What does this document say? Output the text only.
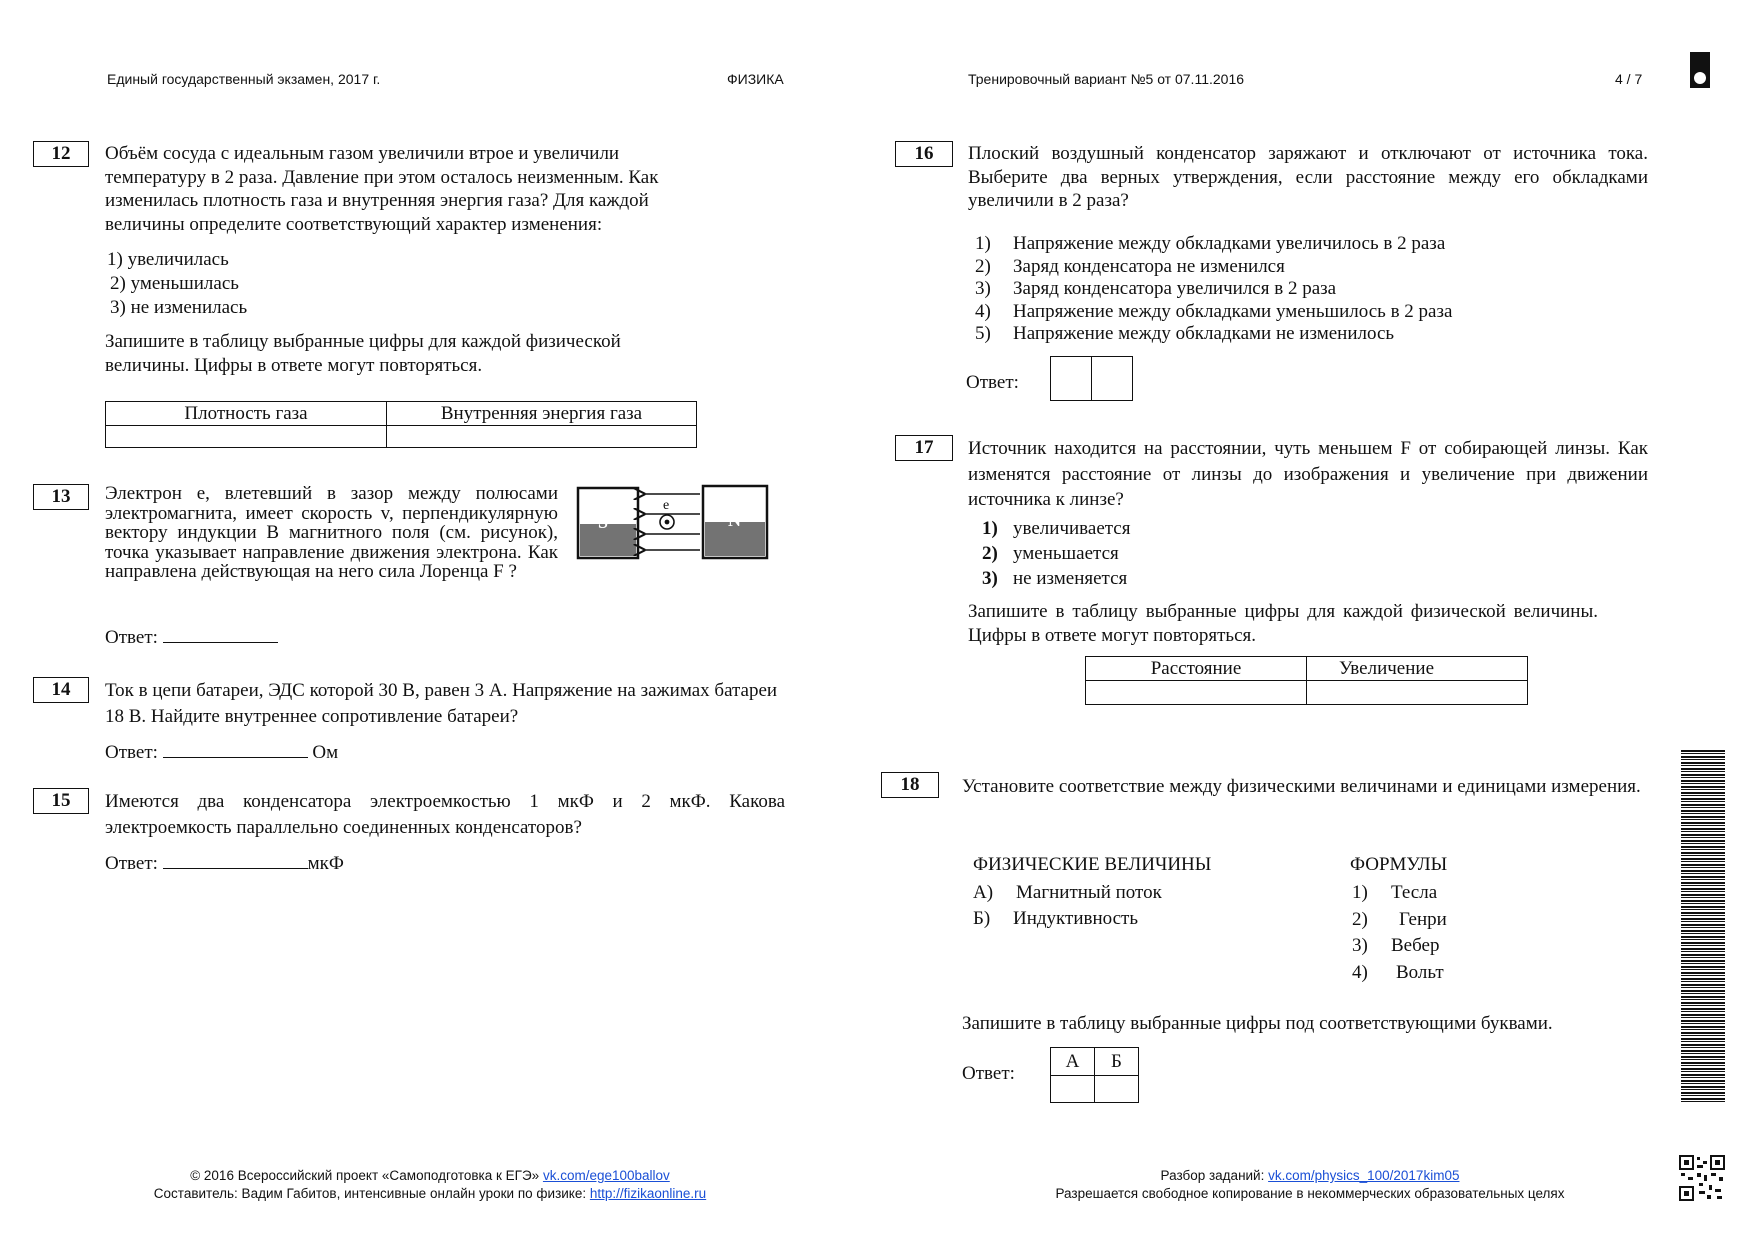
Единый государственный экзамен, 2017 г.	ФИЗИКА	Тренировочный вариант №5 от 07.11.2016	4 / 7
12	Объём сосуда с идеальным газом увеличили втрое и увеличили температуру в 2 раза. Давление при этом осталось неизменным. Как изменилась плотность газа и внутренняя энергия газа? Для каждой величины определите соответствующий характер изменения:
1) увеличилась
2) уменьшилась
3) не изменилась
Запишите в таблицу выбранные цифры для каждой физической величины. Цифры в ответе могут повторяться.
Плотность газа	Внутренняя энергия газа

13	Электрон е, влетевший в зазор между полюсами электромагнита, имеет скорость v, перпендикулярную вектору индукции В магнитного поля (см. рисунок), точка указывает направление движения электрона. Как направлена действующая на него сила Лоренца F ?
S	N
е
Ответ:
14	Ток в цепи батареи, ЭДС которой 30 В, равен 3 А. Напряжение на зажимах батареи 18 В. Найдите внутреннее сопротивление батареи?
Ответ:	Ом
15	Имеются два конденсатора электроемкостью 1 мкФ и 2 мкФ. Какова электроемкость параллельно соединенных конденсаторов?
Ответ:	мкФ
16	Плоский воздушный конденсатор заряжают и отключают от источника тока. Выберите два верных утверждения, если расстояние между его обкладками увеличили в 2 раза?
1) Напряжение между обкладками увеличилось в 2 раза
2) Заряд конденсатора не изменился
3) Заряд конденсатора увеличился в 2 раза
4) Напряжение между обкладками уменьшилось в 2 раза
5) Напряжение между обкладками не изменилось
Ответ:

17	Источник находится на расстоянии, чуть меньшем F от собирающей линзы. Как изменятся расстояние от линзы до изображения и увеличение при движении источника к линзе?
1) увеличивается
2) уменьшается
3) не изменяется
Запишите в таблицу выбранные цифры для каждой физической величины. Цифры в ответе могут повторяться.
Расстояние	Увеличение

18	Установите соответствие между физическими величинами и единицами измерения.
ФИЗИЧЕСКИЕ ВЕЛИЧИНЫ	ФОРМУЛЫ
А) Магнитный поток
Б) Индуктивность
1) Тесла
2) Генри
3) Вебер
4) Вольт
Запишите в таблицу выбранные цифры под соответствующими буквами.
Ответ:
А	Б

© 2016 Всероссийский проект «Самоподготовка к ЕГЭ» vk.com/ege100ballov
Составитель: Вадим Габитов, интенсивные онлайн уроки по физике: http://fizikaonline.ru
Разбор заданий: vk.com/physics_100/2017kim05
Разрешается свободное копирование в некоммерческих образовательных целях
